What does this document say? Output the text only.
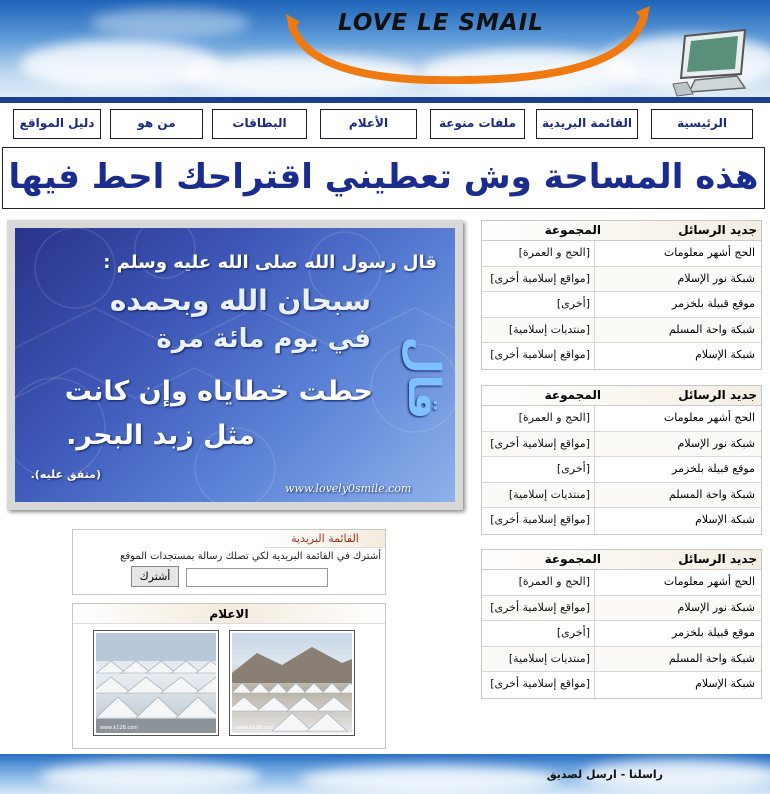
LOVE LE SMAIL
الرئيسية
القائمة البريدية
ملفات منوعة
الأعلام
البطاقات
من هو
دليل المواقع
هذه المساحة وش تعطيني اقتراحك احط فيها
قال رسول الله صلى الله عليه وسلم :
سبحان الله وبحمده
في يوم مائة مرة
حطت خطاياه وإن كانت
مثل زبد البحر.
قال
(متفق عليه).
www.lovely0smile.com
جديد الرسائل
المجموعة
الحج أشهر معلومات
[الحج و العمرة]
شبكة نور الإسلام
[مواقع إسلامية أخرى]
موقع قبيلة بلخزمر
[أخرى]
شبكة واحة المسلم
[منتديات إسلامية]
شبكة الإسلام
[مواقع إسلامية أخرى]
جديد الرسائل
المجموعة
الحج أشهر معلومات
[الحج و العمرة]
شبكة نور الإسلام
[مواقع إسلامية أخرى]
موقع قبيلة بلخزمر
[أخرى]
شبكة واحة المسلم
[منتديات إسلامية]
شبكة الإسلام
[مواقع إسلامية أخرى]
جديد الرسائل
المجموعة
الحج أشهر معلومات
[الحج و العمرة]
شبكة نور الإسلام
[مواقع إسلامية أخرى]
موقع قبيلة بلخزمر
[أخرى]
شبكة واحة المسلم
[منتديات إسلامية]
شبكة الإسلام
[مواقع إسلامية أخرى]
القائمة البريدية
أشترك في القائمة البريدية لكي تصلك رسالة بمستجدات الموقع
أشترك
الاعلام
www.k128.com	www.k128.com
راسلنا - ارسل لصديق
